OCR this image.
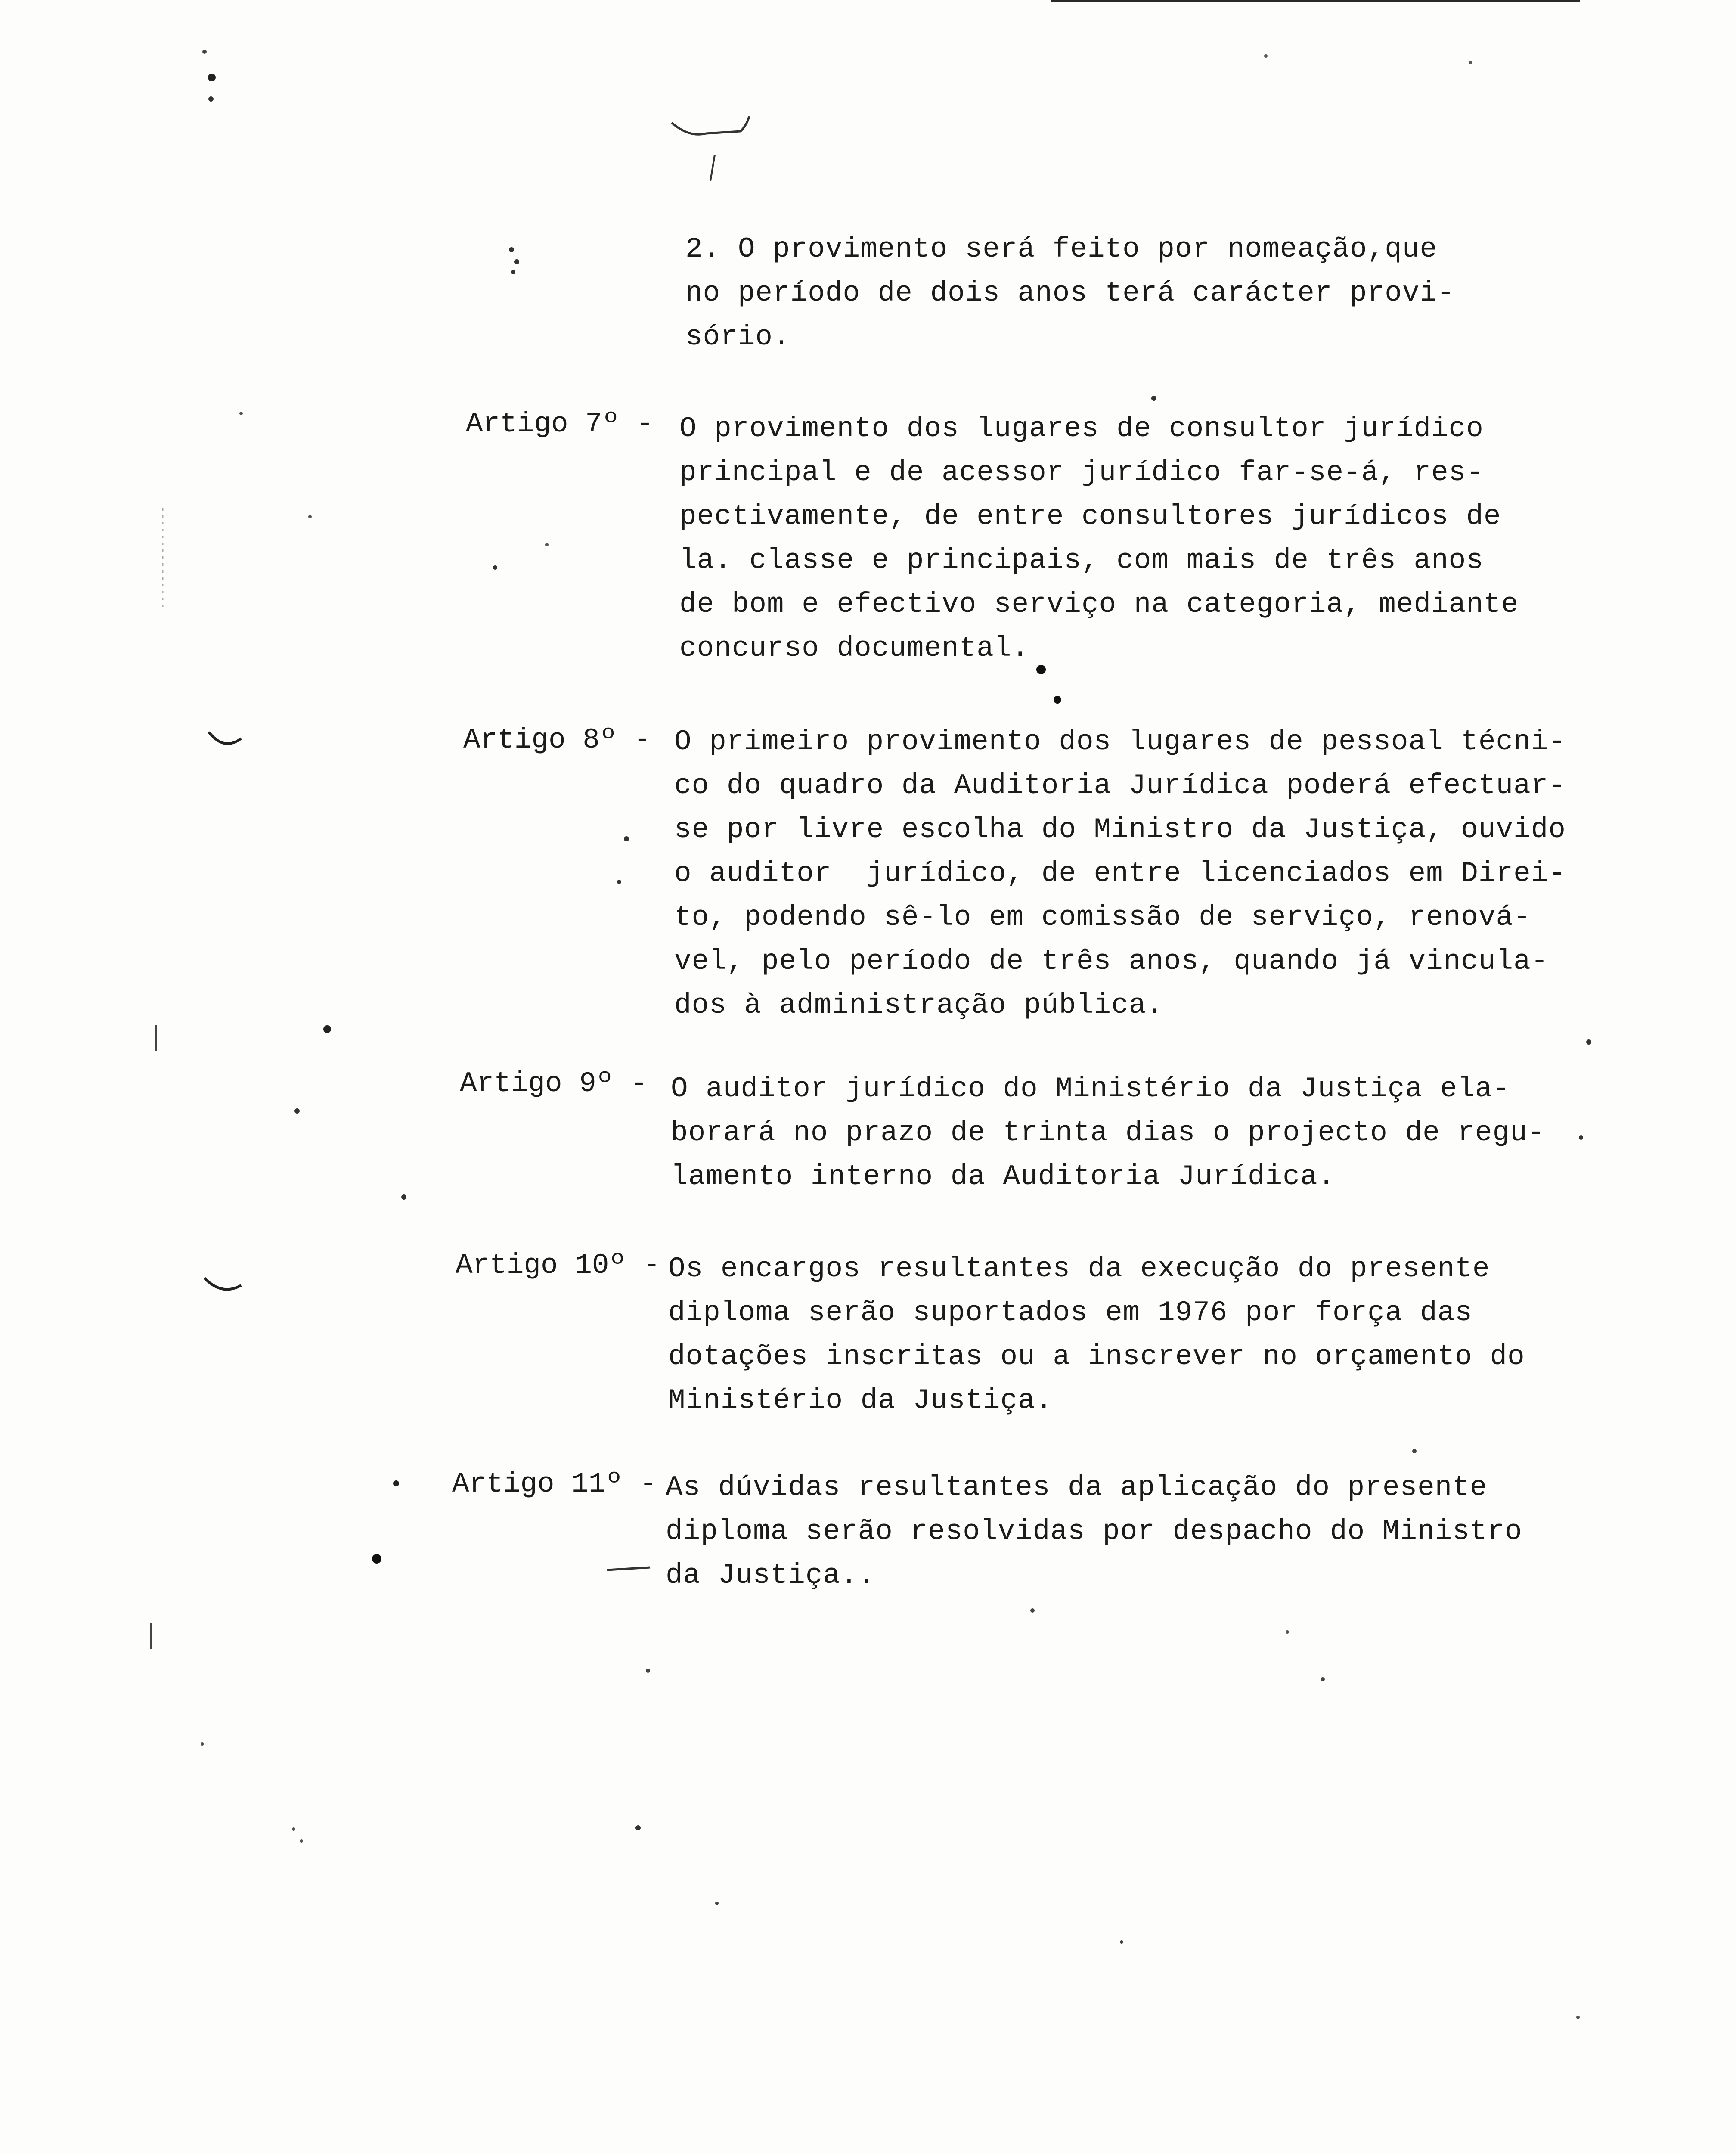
2. O provimento será feito por nomeação,que
no período de dois anos terá carácter provi-
sório.
Artigo 7º - O provimento dos lugares de consultor jurídico
principal e de acessor jurídico far-se-á, res-
pectivamente, de entre consultores jurídicos de
la. classe e principais, com mais de três anos
de bom e efectivo serviço na categoria, mediante
concurso documental.
Artigo 8º - O primeiro provimento dos lugares de pessoal técni-
co do quadro da Auditoria Jurídica poderá efectuar-
se por livre escolha do Ministro da Justiça, ouvido
o auditor  jurídico, de entre licenciados em Direi-
to, podendo sê-lo em comissão de serviço, renová-
vel, pelo período de três anos, quando já vincula-
dos à administração pública.
Artigo 9º - O auditor jurídico do Ministério da Justiça ela-
borará no prazo de trinta dias o projecto de regu-
lamento interno da Auditoria Jurídica.
Artigo 10º - Os encargos resultantes da execução do presente
diploma serão suportados em 1976 por força das
dotações inscritas ou a inscrever no orçamento do
Ministério da Justiça.
Artigo 11º - As dúvidas resultantes da aplicação do presente
diploma serão resolvidas por despacho do Ministro
da Justiça..
